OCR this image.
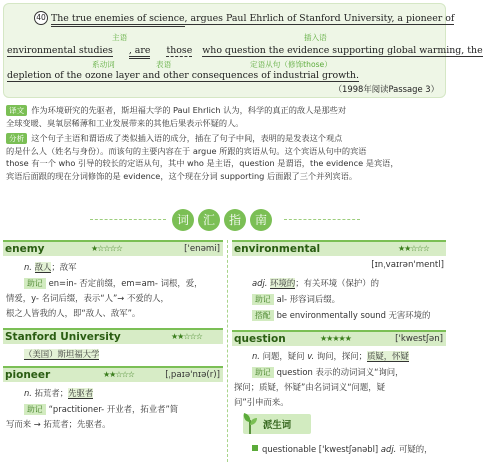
40 The true enemies of science, argues Paul Ehrlich of Stanford University, a pioneer of
主语	插入语
environmental studies , are those who question the evidence supporting global warming, the
系动词	表语	定语从句（修饰those）
depletion of the ozone layer and other consequences of industrial growth.
（1998年阅读Passage 3）
译文 作为环境研究的先驱者，斯坦福大学的 Paul Ehrlich 认为，科学的真正的敌人是那些对
全球变暖、臭氧层稀薄和工业发展带来的其他后果表示怀疑的人。
分析 这个句子主语和谓语成了类似插入语的成分，插在了句子中间，表明的是发表这个观点
的是什么人（姓名与身份）。而该句的主要内容在于 argue 所跟的宾语从句。这个宾语从句中的宾语
those 有一个 who 引导的较长的定语从句，其中 who 是主语，question 是谓语，the evidence 是宾语，
宾语后面跟的现在分词修饰的是 evidence，这个现在分词 supporting 后面跟了三个并列宾语。
词	汇	指	南
enemy	★☆☆☆☆	['enəmi]
n. 敌人；敌军
助记 en=in- 否定前缀，em=am- 词根，爱，
情爱，y- 名词后缀，表示“人”→ 不爱的人，
根之人皆我的人，即“敌人、敌军”。
Stanford University	★★☆☆☆
（美国）斯坦福大学
pioneer	★★☆☆☆	[ˌpaɪə'nɪə(r)]
n. 拓荒者；先驱者
助记 “practitioner- 开业者，拓业者”简
写而来 → 拓荒者；先驱者。
environmental	★★☆☆☆
[ɪnˌvaɪrən'mentl]
adj. 环境的；有关环境（保护）的
助记 al- 形容词后缀。
搭配 be environmentally sound 无害环境的
question	★★★★★	['kwestʃən]
n. 问题，疑问 v. 询问，探问；质疑，怀疑
助记 question 表示的动词词义“询问，
探问；质疑，怀疑”由名词词义“问题，疑
问”引申而来。
派生词
questionable ['kwestʃənəbl] adj. 可疑的，
